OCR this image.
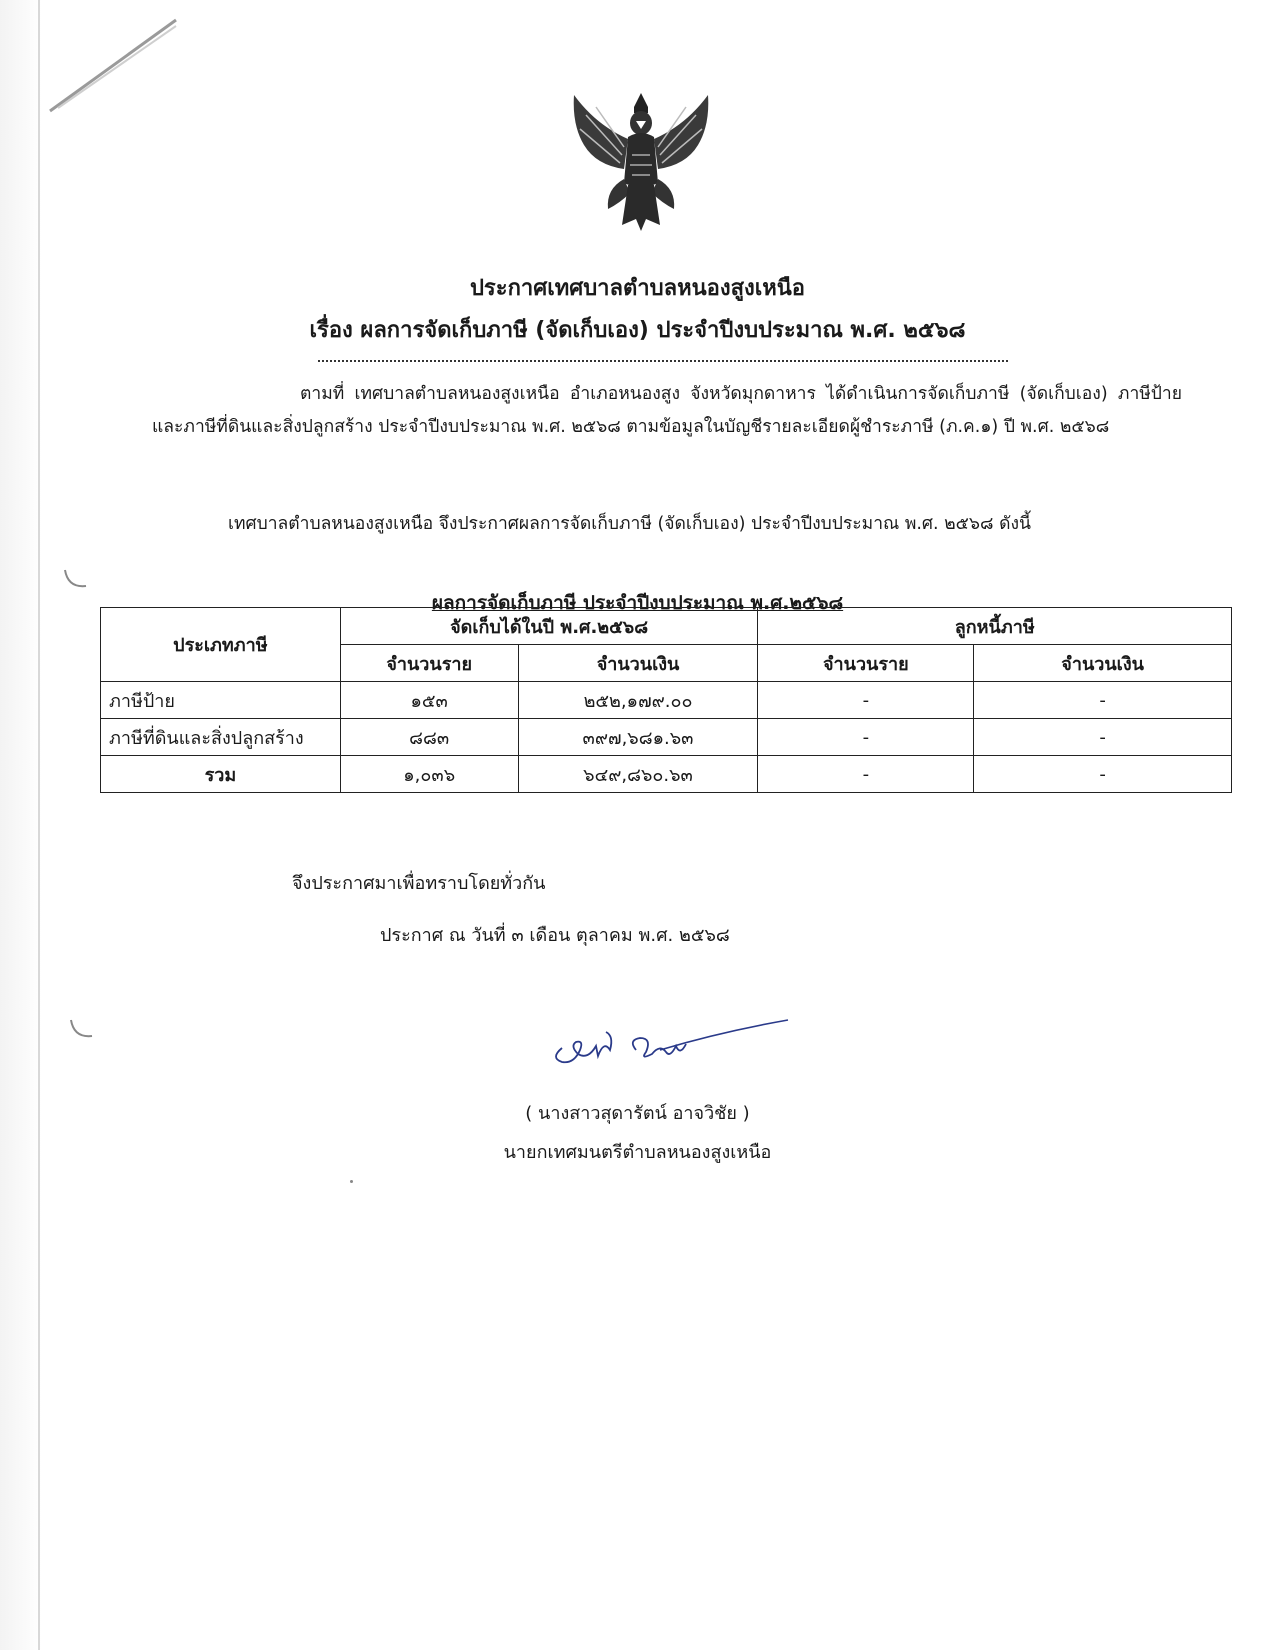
ประกาศเทศบาลตำบลหนองสูงเหนือ
เรื่อง ผลการจัดเก็บภาษี (จัดเก็บเอง) ประจำปีงบประมาณ พ.ศ. ๒๕๖๘
ตามที่ เทศบาลตำบลหนองสูงเหนือ อำเภอหนองสูง จังหวัดมุกดาหาร ได้ดำเนินการจัดเก็บภาษี (จัดเก็บเอง) ภาษีป้าย และภาษีที่ดินและสิ่งปลูกสร้าง ประจำปีงบประมาณ พ.ศ. ๒๕๖๘ ตามข้อมูลในบัญชีรายละเอียดผู้ชำระภาษี (ภ.ค.๑) ปี พ.ศ. ๒๕๖๘
เทศบาลตำบลหนองสูงเหนือ จึงประกาศผลการจัดเก็บภาษี (จัดเก็บเอง) ประจำปีงบประมาณ พ.ศ. ๒๕๖๘ ดังนี้
ผลการจัดเก็บภาษี ประจำปีงบประมาณ พ.ศ.๒๕๖๘
ประเภทภาษี	จัดเก็บได้ในปี พ.ศ.๒๕๖๘		ลูกหนี้ภาษี	
	จำนวนราย	จำนวนเงิน	จำนวนราย	จำนวนเงิน
ภาษีป้าย	๑๕๓	๒๕๒,๑๗๙.๐๐	-	-
ภาษีที่ดินและสิ่งปลูกสร้าง	๘๘๓	๓๙๗,๖๘๑.๖๓	-	-
รวม	๑,๐๓๖	๖๔๙,๘๖๐.๖๓	-	-
จึงประกาศมาเพื่อทราบโดยทั่วกัน
ประกาศ ณ วันที่ ๓ เดือน ตุลาคม พ.ศ. ๒๕๖๘
( นางสาวสุดารัตน์ อาจวิชัย )
นายกเทศมนตรีตำบลหนองสูงเหนือ
